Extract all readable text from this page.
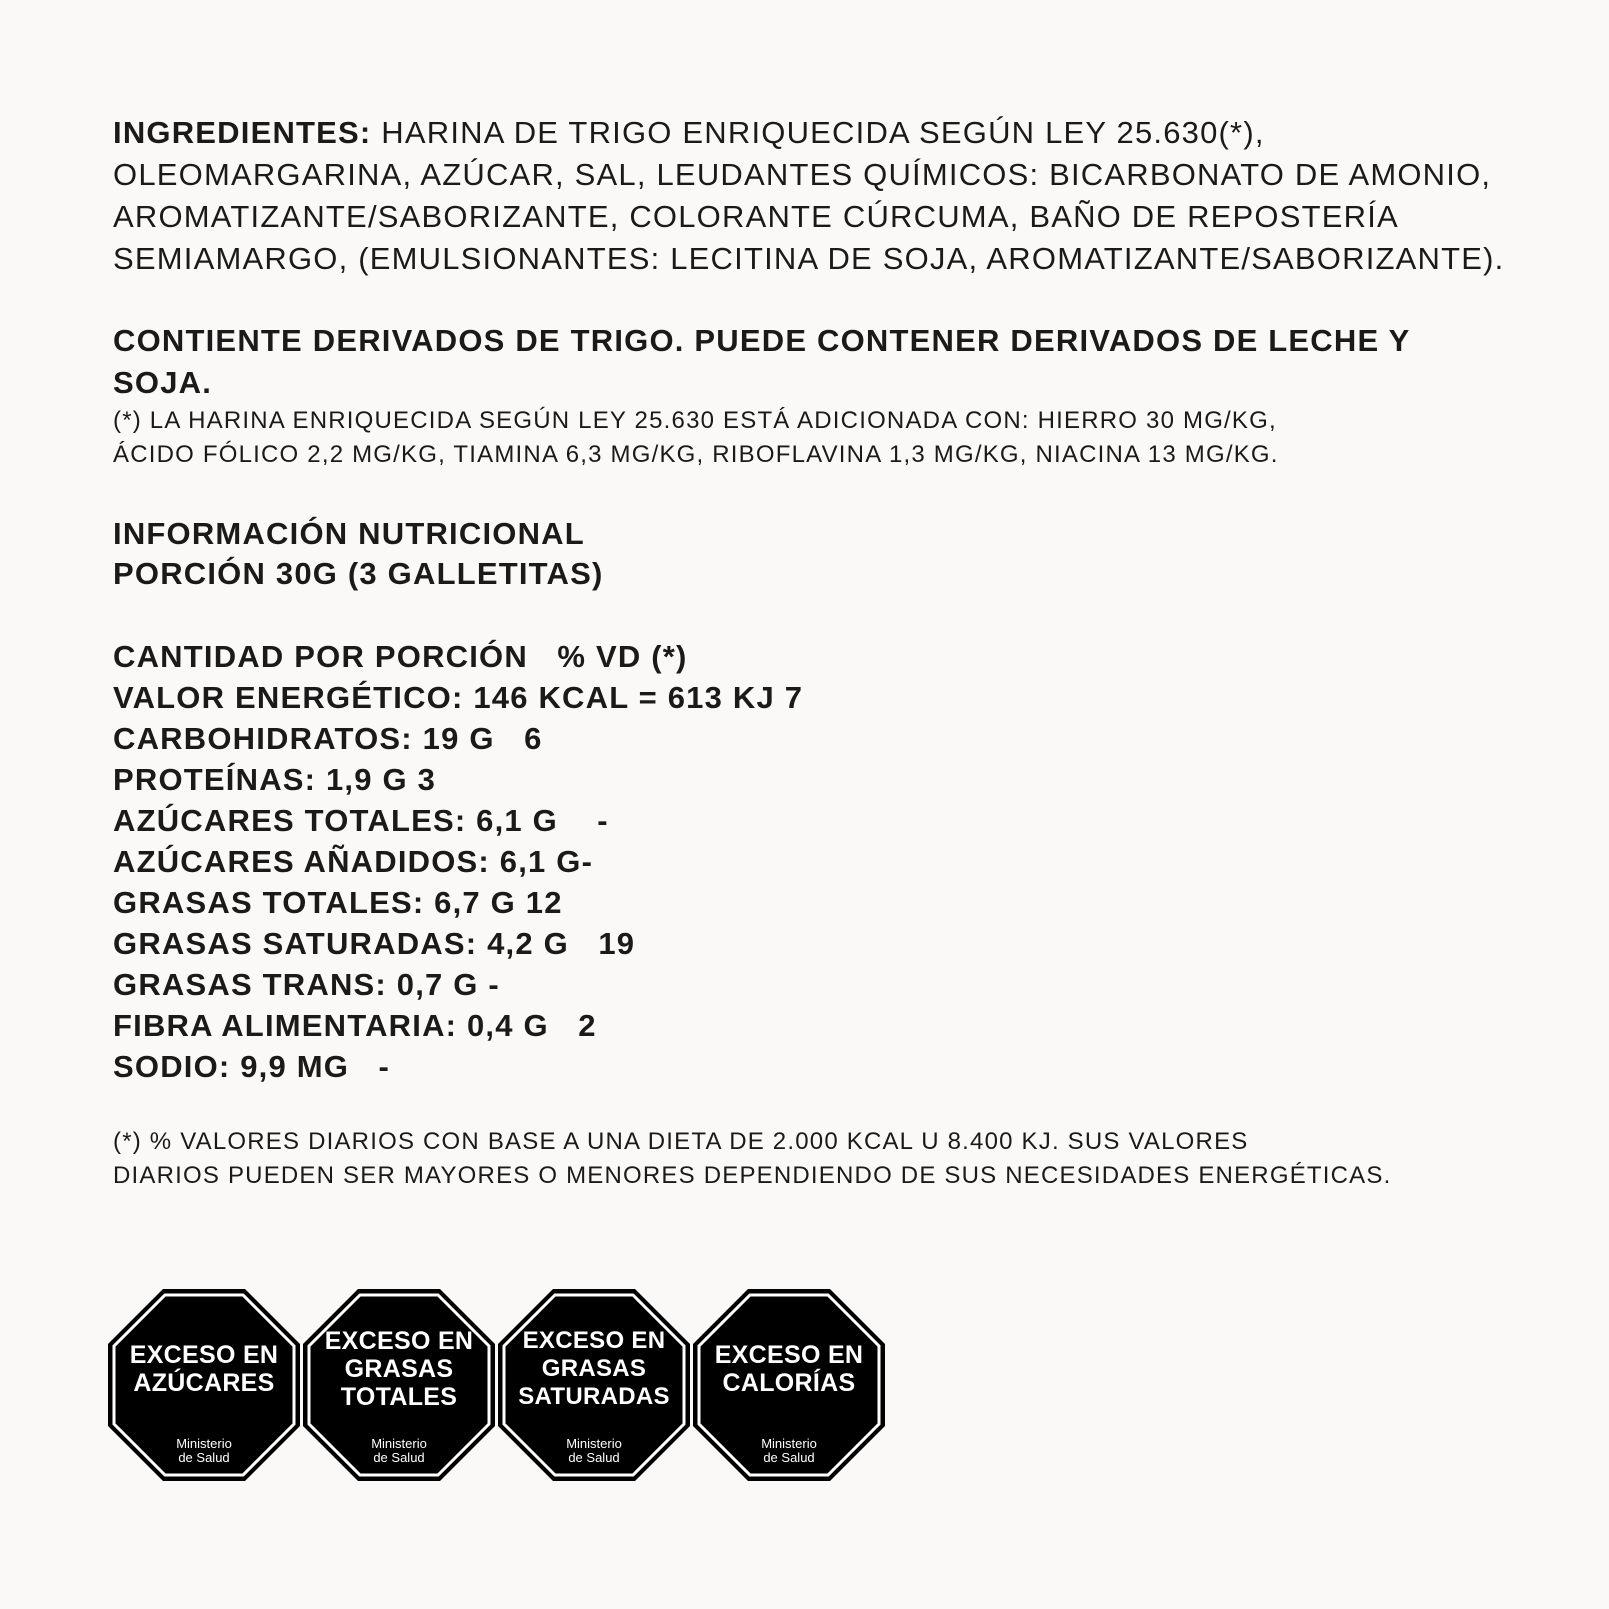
INGREDIENTES: HARINA DE TRIGO ENRIQUECIDA SEGÚN LEY 25.630(*), OLEOMARGARINA, AZÚCAR, SAL, LEUDANTES QUÍMICOS: BICARBONATO DE AMONIO, AROMATIZANTE/SABORIZANTE, COLORANTE CÚRCUMA, BAÑO DE REPOSTERÍA SEMIAMARGO, (EMULSIONANTES: LECITINA DE SOJA, AROMATIZANTE/SABORIZANTE).

CONTIENTE DERIVADOS DE TRIGO. PUEDE CONTENER DERIVADOS DE LECHE Y SOJA.

(*) LA HARINA ENRIQUECIDA SEGÚN LEY 25.630 ESTÁ ADICIONADA CON: HIERRO 30 MG/KG,
ÁCIDO FÓLICO 2,2 MG/KG, TIAMINA 6,3 MG/KG, RIBOFLAVINA 1,3 MG/KG, NIACINA 13 MG/KG.

INFORMACIÓN NUTRICIONAL
PORCIÓN 30G (3 GALLETITAS)
CANTIDAD POR PORCIÓN   % VD (*)
VALOR ENERGÉTICO: 146 KCAL = 613 KJ 7
CARBOHIDRATOS: 19 G   6
PROTEÍNAS: 1,9 G 3
AZÚCARES TOTALES: 6,1 G    -
AZÚCARES AÑADIDOS: 6,1 G-
GRASAS TOTALES: 6,7 G 12
GRASAS SATURADAS: 4,2 G   19
GRASAS TRANS: 0,7 G -
FIBRA ALIMENTARIA: 0,4 G   2
SODIO: 9,9 MG   -

(*) % VALORES DIARIOS CON BASE A UNA DIETA DE 2.000 KCAL U 8.400 KJ. SUS VALORES
DIARIOS PUEDEN SER MAYORES O MENORES DEPENDIENDO DE SUS NECESIDADES ENERGÉTICAS.

EXCESO EN
AZÚCARES
Ministerio
de Salud
EXCESO EN
GRASAS
TOTALES
Ministerio
de Salud
EXCESO EN
GRASAS
SATURADAS
Ministerio
de Salud
EXCESO EN
CALORÍAS
Ministerio
de Salud
